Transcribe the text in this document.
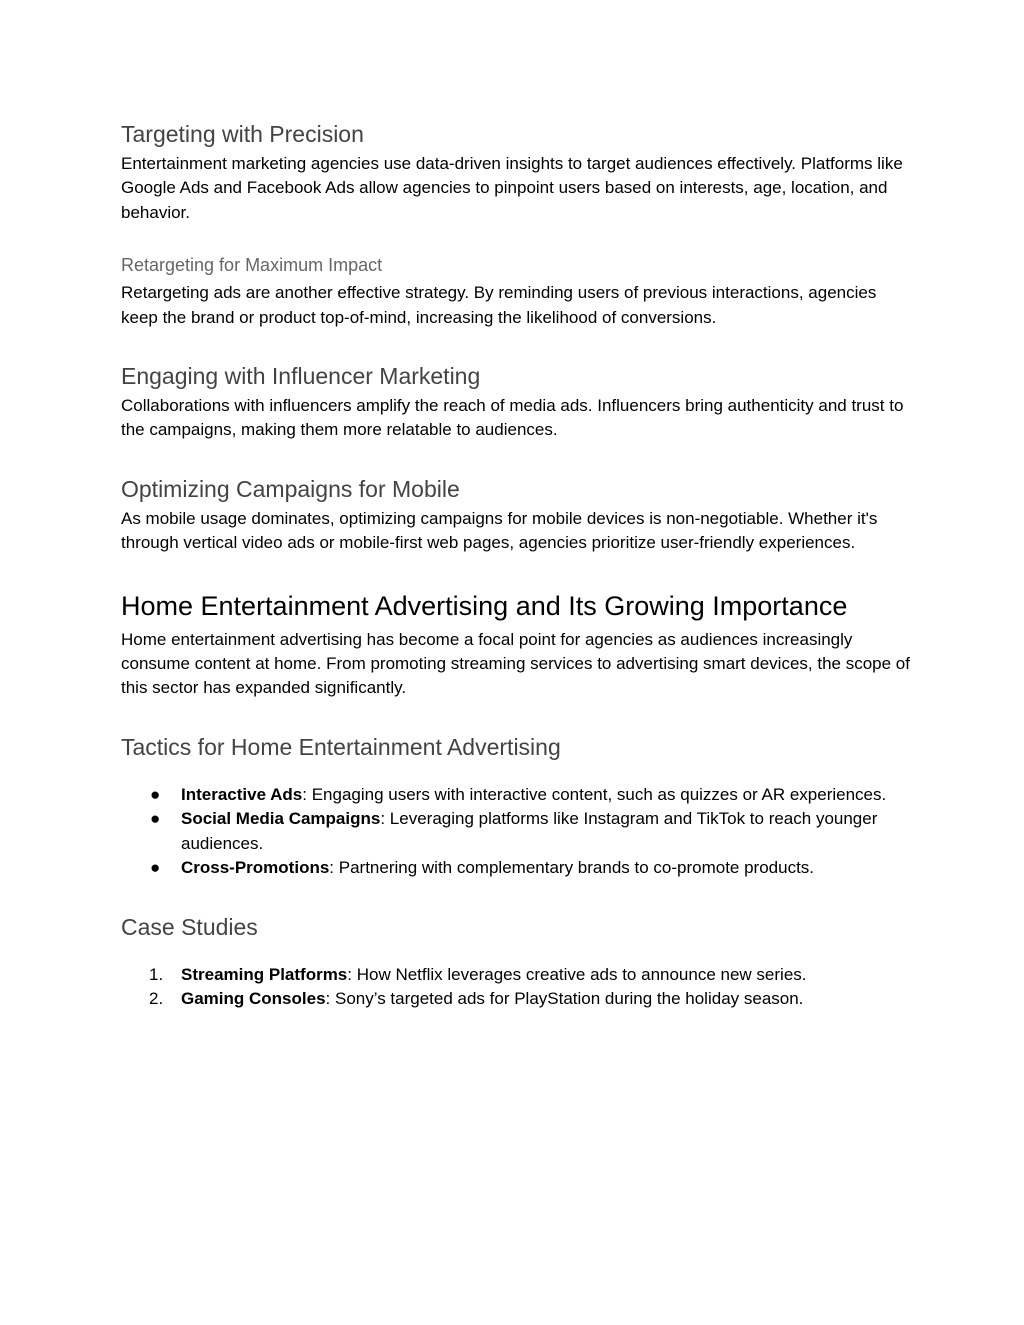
Targeting with Precision

Entertainment marketing agencies use data-driven insights to target audiences effectively. Platforms like Google Ads and Facebook Ads allow agencies to pinpoint users based on interests, age, location, and behavior.

Retargeting for Maximum Impact

Retargeting ads are another effective strategy. By reminding users of previous interactions, agencies keep the brand or product top-of-mind, increasing the likelihood of conversions.

Engaging with Influencer Marketing

Collaborations with influencers amplify the reach of media ads. Influencers bring authenticity and trust to the campaigns, making them more relatable to audiences.

Optimizing Campaigns for Mobile

As mobile usage dominates, optimizing campaigns for mobile devices is non-negotiable. Whether it's through vertical video ads or mobile-first web pages, agencies prioritize user-friendly experiences.

Home Entertainment Advertising and Its Growing Importance

Home entertainment advertising has become a focal point for agencies as audiences increasingly consume content at home. From promoting streaming services to advertising smart devices, the scope of this sector has expanded significantly.

Tactics for Home Entertainment Advertising
● Interactive Ads: Engaging users with interactive content, such as quizzes or AR experiences.
● Social Media Campaigns: Leveraging platforms like Instagram and TikTok to reach younger audiences.
● Cross-Promotions: Partnering with complementary brands to co-promote products.
Case Studies
1. Streaming Platforms: How Netflix leverages creative ads to announce new series.
2. Gaming Consoles: Sony’s targeted ads for PlayStation during the holiday season.
